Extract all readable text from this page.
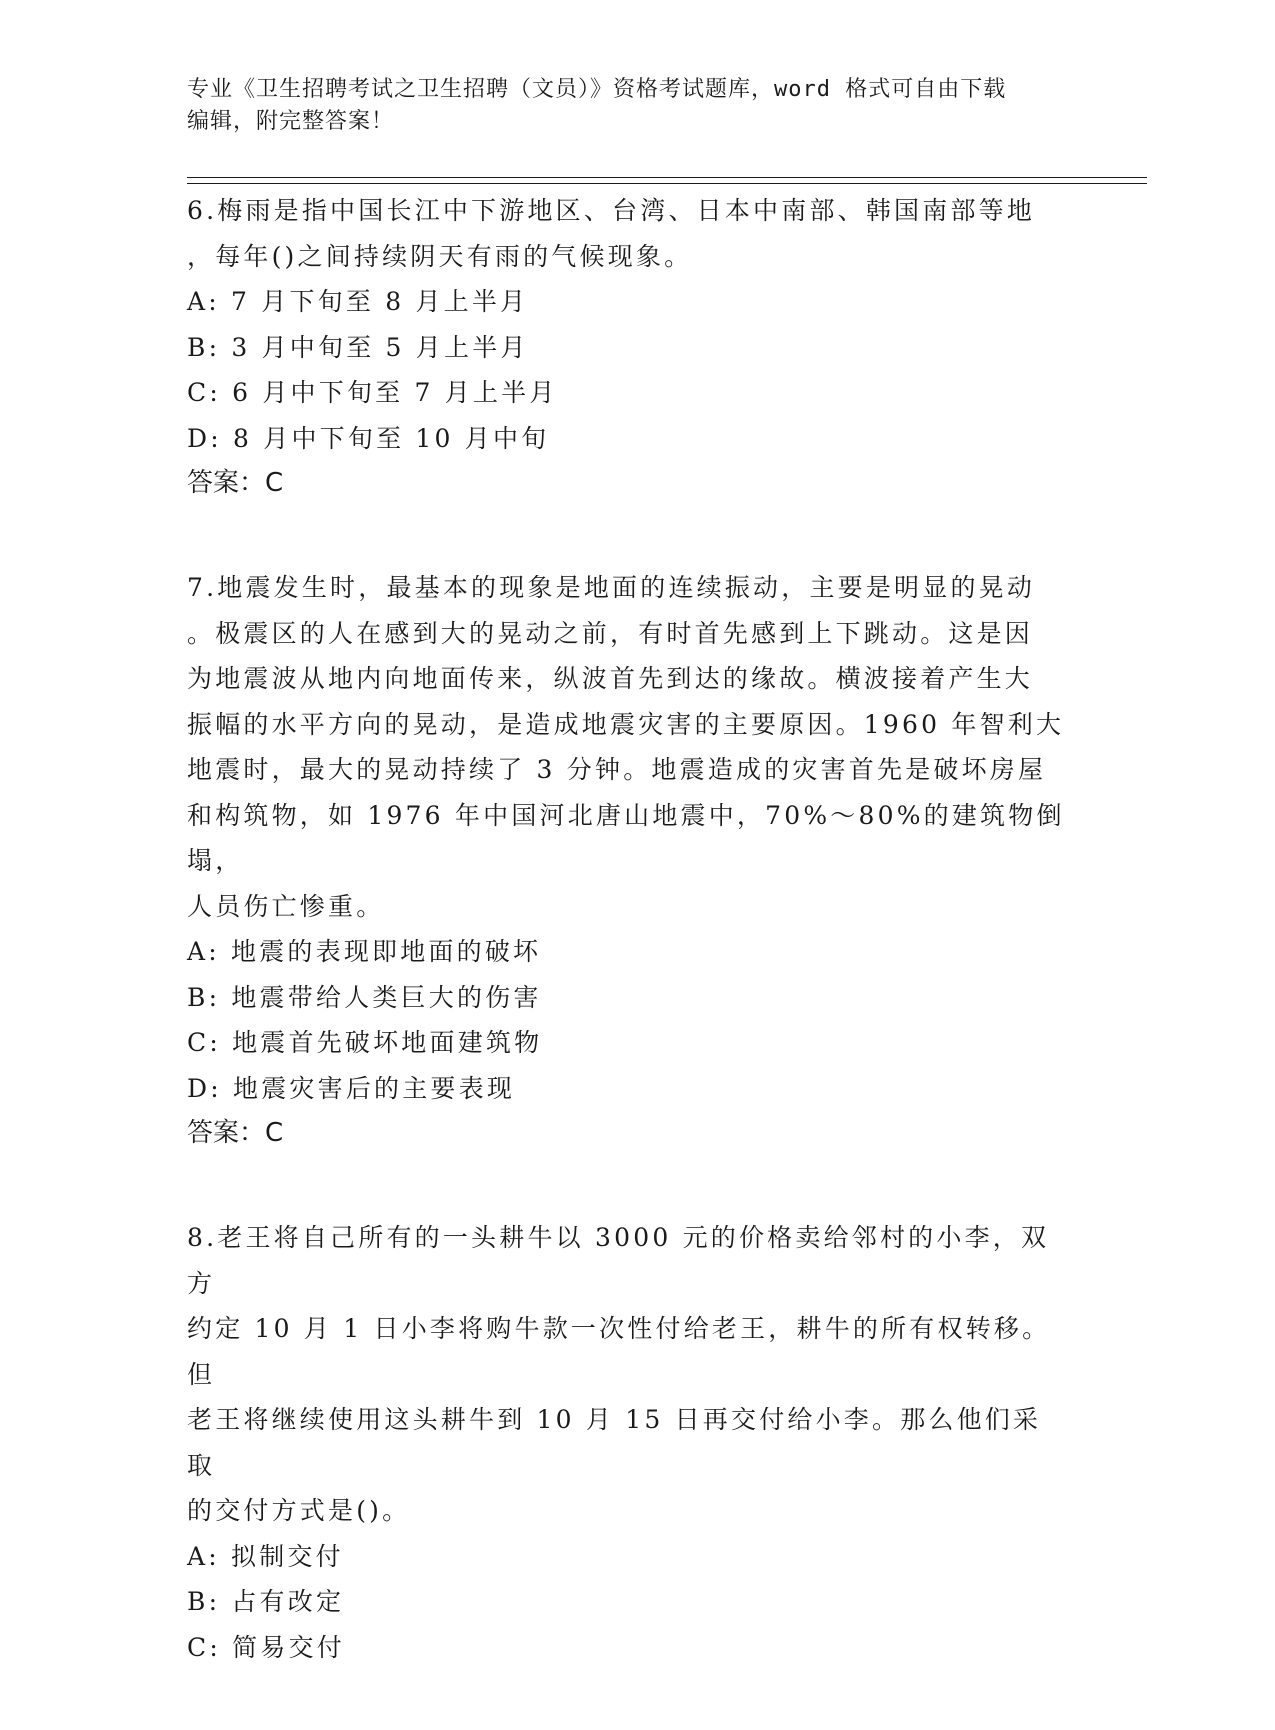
专业《卫生招聘考试之卫生招聘（文员）》资格考试题库，word 格式可自由下载
编辑，附完整答案！

6.梅雨是指中国长江中下游地区、台湾、日本中南部、韩国南部等地

，每年()之间持续阴天有雨的气候现象。

A: 7 月下旬至 8 月上半月

B: 3 月中旬至 5 月上半月

C: 6 月中下旬至 7 月上半月

D: 8 月中下旬至 10 月中旬

答案：C

7.地震发生时，最基本的现象是地面的连续振动，主要是明显的晃动

。极震区的人在感到大的晃动之前，有时首先感到上下跳动。这是因

为地震波从地内向地面传来，纵波首先到达的缘故。横波接着产生大

振幅的水平方向的晃动，是造成地震灾害的主要原因。1960 年智利大

地震时，最大的晃动持续了 3 分钟。地震造成的灾害首先是破坏房屋

和构筑物，如 1976 年中国河北唐山地震中，70%～80%的建筑物倒塌，

人员伤亡惨重。

A: 地震的表现即地面的破坏

B: 地震带给人类巨大的伤害

C: 地震首先破坏地面建筑物

D: 地震灾害后的主要表现

答案：C

8.老王将自己所有的一头耕牛以 3000 元的价格卖给邻村的小李，双方

约定 10 月 1 日小李将购牛款一次性付给老王，耕牛的所有权转移。但

老王将继续使用这头耕牛到 10 月 15 日再交付给小李。那么他们采取

的交付方式是()。

A: 拟制交付

B: 占有改定

C: 简易交付
